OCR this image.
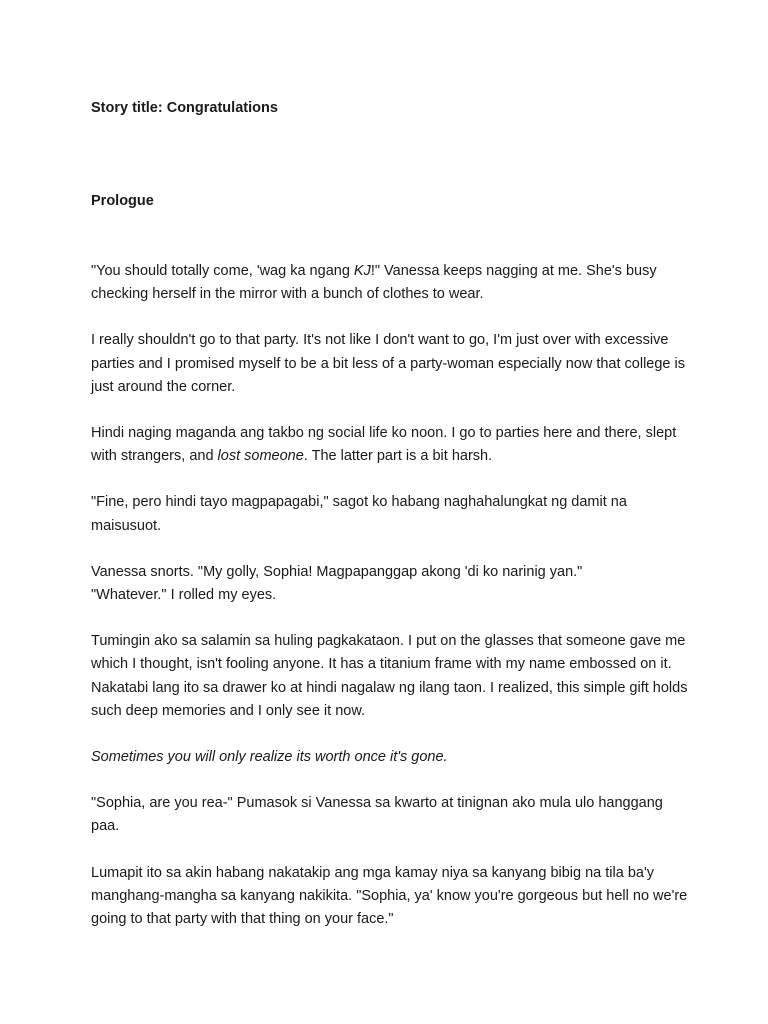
Story title: Congratulations

Prologue

"You should totally come, 'wag ka ngang KJ!" Vanessa keeps nagging at me. She's busy checking herself in the mirror with a bunch of clothes to wear.

I really shouldn't go to that party. It's not like I don't want to go, I'm just over with excessive parties and I promised myself to be a bit less of a party-woman especially now that college is just around the corner.

Hindi naging maganda ang takbo ng social life ko noon. I go to parties here and there, slept with strangers, and lost someone. The latter part is a bit harsh.

"Fine, pero hindi tayo magpapagabi," sagot ko habang naghahalungkat ng damit na maisusuot.

Vanessa snorts. "My golly, Sophia! Magpapanggap akong 'di ko narinig yan."
"Whatever." I rolled my eyes.

Tumingin ako sa salamin sa huling pagkakataon. I put on the glasses that someone gave me which I thought, isn't fooling anyone. It has a titanium frame with my name embossed on it. Nakatabi lang ito sa drawer ko at hindi nagalaw ng ilang taon. I realized, this simple gift holds such deep memories and I only see it now.

Sometimes you will only realize its worth once it's gone.

"Sophia, are you rea-" Pumasok si Vanessa sa kwarto at tinignan ako mula ulo hanggang paa.

Lumapit ito sa akin habang nakatakip ang mga kamay niya sa kanyang bibig na tila ba'y manghang-mangha sa kanyang nakikita. "Sophia, ya' know you're gorgeous but hell no we're going to that party with that thing on your face."
